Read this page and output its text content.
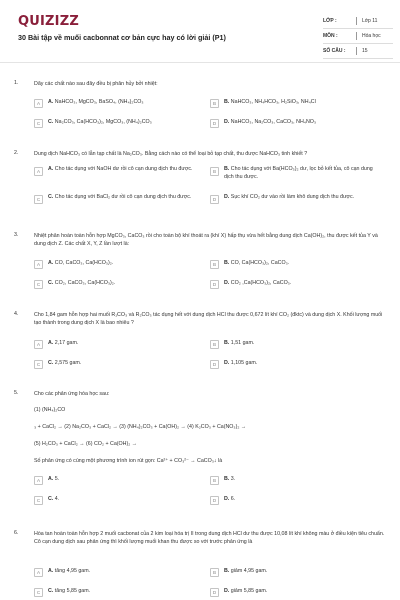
QUIZIZZ
30 Bài tập về muối cacbonnat cơ bản cực hay có lời giải (P1)
LỚP :	Lớp 11
MÔN :	Hóa học
SỐ CÂU :	15
1.	Dãy các chất nào sau đây đều bị phân hủy bởi nhiệt:
A	A. NaHCO₃, MgCO₃, BaSO₄, (NH₄)₂CO₃	B	B. NaHCO₃, NH₄HCO₃, H₂SiO₃, NH₄Cl
C	C. Na₂CO₃, Ca(HCO₃)₂, MgCO₃, (NH₄)₂CO₃	D	D. NaHCO₃, Na₂CO₃, CaCO₃, NH₄NO₃
2.	Dung dịch NaHCO₃ có lẫn tạp chất là Na₂CO₃. Bằng cách nào có thể loại bỏ tạp chất, thu được NaHCO₃ tinh khiết ?
A	A. Cho tác dụng với NaOH dư rồi cô cạn dung dịch thu được.	B	B. Cho tác dụng với Ba(HCO₃)₂ dư, lọc bỏ kết tủa, cô cạn dung dịch thu được.
C	C. Cho tác dụng với BaCl₂ dư rồi cô cạn dung dịch thu được.	D	D. Sục khí CO₂ dư vào rồi làm khô dung dịch thu được.
3.	Nhiệt phân hoàn toàn hỗn hợp MgCO₃, CaCO₃ rồi cho toàn bộ khí thoát ra (khí X) hấp thụ vừa hết bằng dung dịch Ca(OH)₂, thu được kết tủa Y và dung dịch Z. Các chất X, Y, Z lần lượt là:
A	A. CO, CaCO₃, Ca(HCO₃)₂.	B	B. CO, Ca(HCO₃)₂, CaCO₃.
C	C. CO₂, CaCO₃, Ca(HCO₃)₂.	D	D. CO₂ ,Ca(HCO₃)₂, CaCO₃.
4.	Cho 1,84 gam hỗn hợp hai muối R₁CO₃ và R₂CO₃ tác dụng hết với dung dịch HCl thu được 0,672 lít khí CO₂ (đktc) và dung dịch X. Khối lượng muối tạo thành trong dung dịch X là bao nhiêu ?
A	A. 2,17 gam.	B	B. 1,51 gam.
C	C. 2,575 gam.	D	D. 1,105 gam.
5.	Cho các phản ứng hóa học sau:
(1) (NH₄)₂CO
₃ + CaCl₂ → (2) Na₂CO₃ + CaCl₂ → (3) (NH₄)₂CO₃ + Ca(OH)₂ → (4) K₂CO₃ + Ca(NO₃)₂ →
(5) H₂CO₃ + CaCl₂ → (6) CO₂ + Ca(OH)₂ →
Số phản ứng có cùng một phương trình ion rút gọn: Ca²⁺ + CO₃²⁻ → CaCO₃↓ là
A	A. 5.	B	B. 3.
C	C. 4.	D	D. 6.
6.	Hòa tan hoàn toàn hỗn hợp 2 muối cacbonat của 2 kim loại hóa trị II trong dung dịch HCl dư thu được 10,08 lít khí không màu ở điều kiện tiêu chuẩn. Cô cạn dung dịch sau phản ứng thì khối lượng muối khan thu được so với trước phản ứng là
A	A. tăng 4,95 gam.	B	B. giảm 4,95 gam.
C	C. tăng 5,85 gam.	D	D. giảm 5,85 gam.
